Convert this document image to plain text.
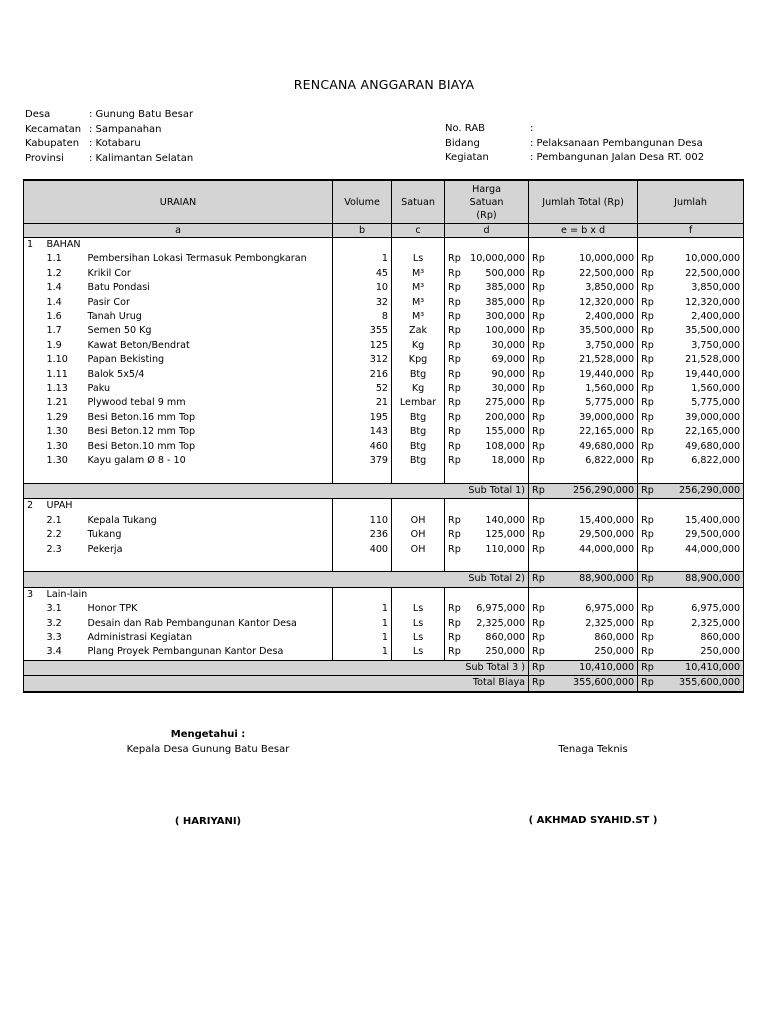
RENCANA ANGGARAN BIAYA
Desa	: Gunung Batu Besar
Kecamatan : Sampanahan
Kabupaten : Kotabaru
Provinsi	: Kalimantan Selatan
No. RAB	:
Bidang	: Pelaksanaan Pembangunan Desa
Kegiatan	: Pembangunan Jalan Desa RT. 002
URAIAN			Volume	Satuan	Harga Satuan (Rp)		Jumlah Total (Rp)		Jumlah	
a			b	c	d		e = b x d		f	
1	BAHAN									
	1.1	Pembersihan Lokasi Termasuk Pembongkaran	1	Ls	Rp	10,000,000	Rp	10,000,000	Rp	10,000,000
	1.2	Krikil Cor	45	M³	Rp	500,000	Rp	22,500,000	Rp	22,500,000
	1.4	Batu Pondasi	10	M³	Rp	385,000	Rp	3,850,000	Rp	3,850,000
	1.4	Pasir Cor	32	M³	Rp	385,000	Rp	12,320,000	Rp	12,320,000
	1.6	Tanah Urug	8	M³	Rp	300,000	Rp	2,400,000	Rp	2,400,000
	1.7	Semen 50 Kg	355	Zak	Rp	100,000	Rp	35,500,000	Rp	35,500,000
	1.9	Kawat Beton/Bendrat	125	Kg	Rp	30,000	Rp	3,750,000	Rp	3,750,000
	1.10	Papan Bekisting	312	Kpg	Rp	69,000	Rp	21,528,000	Rp	21,528,000
	1.11	Balok 5x5/4	216	Btg	Rp	90,000	Rp	19,440,000	Rp	19,440,000
	1.13	Paku	52	Kg	Rp	30,000	Rp	1,560,000	Rp	1,560,000
	1.21	Plywood tebal 9 mm	21	Lembar	Rp	275,000	Rp	5,775,000	Rp	5,775,000
	1.29	Besi Beton.16 mm Top	195	Btg	Rp	200,000	Rp	39,000,000	Rp	39,000,000
	1.30	Besi Beton.12 mm Top	143	Btg	Rp	155,000	Rp	22,165,000	Rp	22,165,000
	1.30	Besi Beton.10 mm Top	460	Btg	Rp	108,000	Rp	49,680,000	Rp	49,680,000
	1.30	Kayu galam Ø 8 - 10	379	Btg	Rp	18,000	Rp	6,822,000	Rp	6,822,000

Sub Total 1)							Rp	256,290,000	Rp	256,290,000
2	UPAH									
	2.1	Kepala Tukang	110	OH	Rp	140,000	Rp	15,400,000	Rp	15,400,000
	2.2	Tukang	236	OH	Rp	125,000	Rp	29,500,000	Rp	29,500,000
	2.3	Pekerja	400	OH	Rp	110,000	Rp	44,000,000	Rp	44,000,000

Sub Total 2)							Rp	88,900,000	Rp	88,900,000
3	Lain-lain									
	3.1	Honor TPK	1	Ls	Rp	6,975,000	Rp	6,975,000	Rp	6,975,000
	3.2	Desain dan Rab Pembangunan Kantor Desa	1	Ls	Rp	2,325,000	Rp	2,325,000	Rp	2,325,000
	3.3	Administrasi Kegiatan	1	Ls	Rp	860,000	Rp	860,000	Rp	860,000
	3.4	Plang Proyek Pembangunan Kantor Desa	1	Ls	Rp	250,000	Rp	250,000	Rp	250,000
Sub Total 3 )							Rp	10,410,000	Rp	10,410,000
Total Biaya							Rp	355,600,000	Rp	355,600,000
Mengetahui :
Kepala Desa Gunung Batu Besar	Tenaga Teknis
( HARIYANI)	( AKHMAD SYAHID.ST )
